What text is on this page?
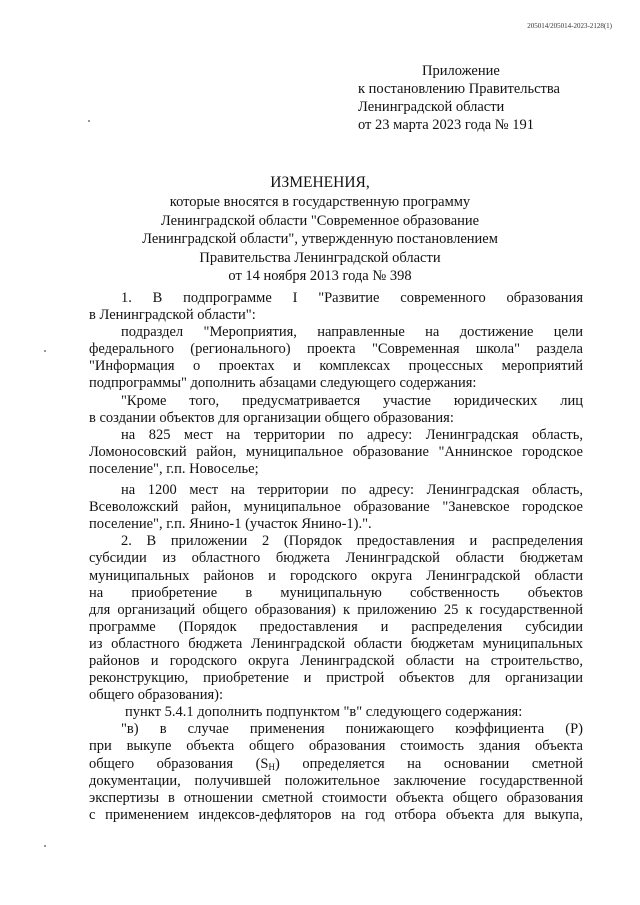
205014/205014-2023-2128(1)
Приложение
к постановлению Правительства
Ленинградской области
от 23 марта 2023 года № 191
ИЗМЕНЕНИЯ,
которые вносятся в государственную программу
Ленинградской области "Современное образование
Ленинградской области", утвержденную постановлением
Правительства Ленинградской области
от 14 ноября 2013 года № 398
1. В подпрограмме I "Развитие современного образования
в Ленинградской области":
подраздел "Мероприятия, направленные на достижение цели
федерального (регионального) проекта "Современная школа" раздела
"Информация о проектах и комплексах процессных мероприятий
подпрограммы" дополнить абзацами следующего содержания:
"Кроме того, предусматривается участие юридических лиц
в создании объектов для организации общего образования:
на 825 мест на территории по адресу: Ленинградская область,
Ломоносовский район, муниципальное образование "Аннинское городское
поселение", г.п. Новоселье;
на 1200 мест на территории по адресу: Ленинградская область,
Всеволожский район, муниципальное образование "Заневское городское
поселение", г.п. Янино-1 (участок Янино-1).".
2. В приложении 2 (Порядок предоставления и распределения
субсидии из областного бюджета Ленинградской области бюджетам
муниципальных районов и городского округа Ленинградской области
на приобретение в муниципальную собственность объектов
для организаций общего образования) к приложению 25 к государственной
программе (Порядок предоставления и распределения субсидии
из областного бюджета Ленинградской области бюджетам муниципальных
районов и городского округа Ленинградской области на строительство,
реконструкцию, приобретение и пристрой объектов для организации
общего образования):
пункт 5.4.1 дополнить подпунктом "в" следующего содержания:
"в) в случае применения понижающего коэффициента (Р)
при выкупе объекта общего образования стоимость здания объекта
общего образования $(S_Н)$ определяется на основании сметной
документации, получившей положительное заключение государственной
экспертизы в отношении сметной стоимости объекта общего образования
с применением индексов-дефляторов на год отбора объекта для выкупа,
